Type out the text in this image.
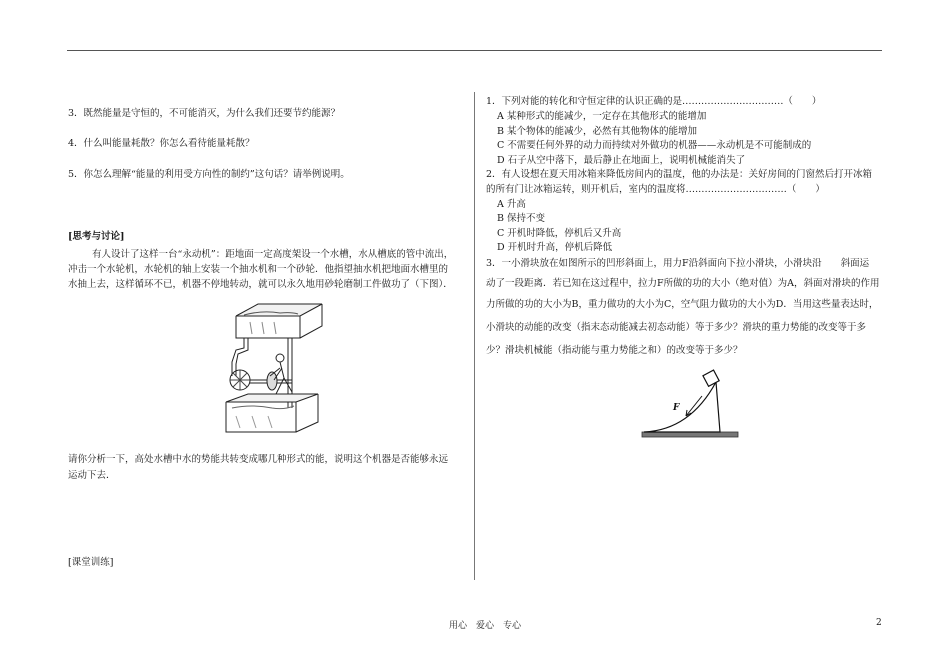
3．既然能量是守恒的，不可能消灭，为什么我们还要节约能源？
4．什么叫能量耗散？你怎么看待能量耗散？
5．你怎么理解“能量的利用受方向性的制约”这句话？请举例说明。
[思考与讨论]
有人设计了这样一台“永动机”：距地面一定高度架设一个水槽，水从槽底的管中流出，
冲击一个水轮机，水轮机的轴上安装一个抽水机和一个砂轮．他指望抽水机把地面水槽里的
水抽上去，这样循环不已，机器不停地转动，就可以永久地用砂轮磨制工件做功了（下图）．
请你分析一下，高处水槽中水的势能共转变成哪几种形式的能，说明这个机器是否能够永远
运动下去．
[课堂训练]
1．下列对能的转化和守恒定律的认识正确的是‥‥‥‥‥‥‥‥‥‥‥‥‥‥‥‥（　　）
A 某种形式的能减少，一定存在其他形式的能增加
B 某个物体的能减少，必然有其他物体的能增加
C 不需要任何外界的动力而持续对外做功的机器——永动机是不可能制成的
D 石子从空中落下，最后静止在地面上，说明机械能消失了
2．有人设想在夏天用冰箱来降低房间内的温度，他的办法是：关好房间的门窗然后打开冰箱
的所有门让冰箱运转，则开机后，室内的温度将‥‥‥‥‥‥‥‥‥‥‥‥‥‥‥‥（　　）
A 升高
B 保持不变
C 开机时降低，停机后又升高
D 开机时升高，停机后降低
3．一小滑块放在如图所示的凹形斜面上，用力F沿斜面向下拉小滑块，小滑块沿　　斜面运
动了一段距离．若已知在这过程中，拉力F所做的功的大小（绝对值）为A，斜面对滑块的作用
力所做的功的大小为B，重力做功的大小为C，空气阻力做功的大小为D．当用这些量表达时，
小滑块的动能的改变（指末态动能减去初态动能）等于多少？滑块的重力势能的改变等于多
少？滑块机械能（指动能与重力势能之和）的改变等于多少？
F
用心　爱心　专心	2
